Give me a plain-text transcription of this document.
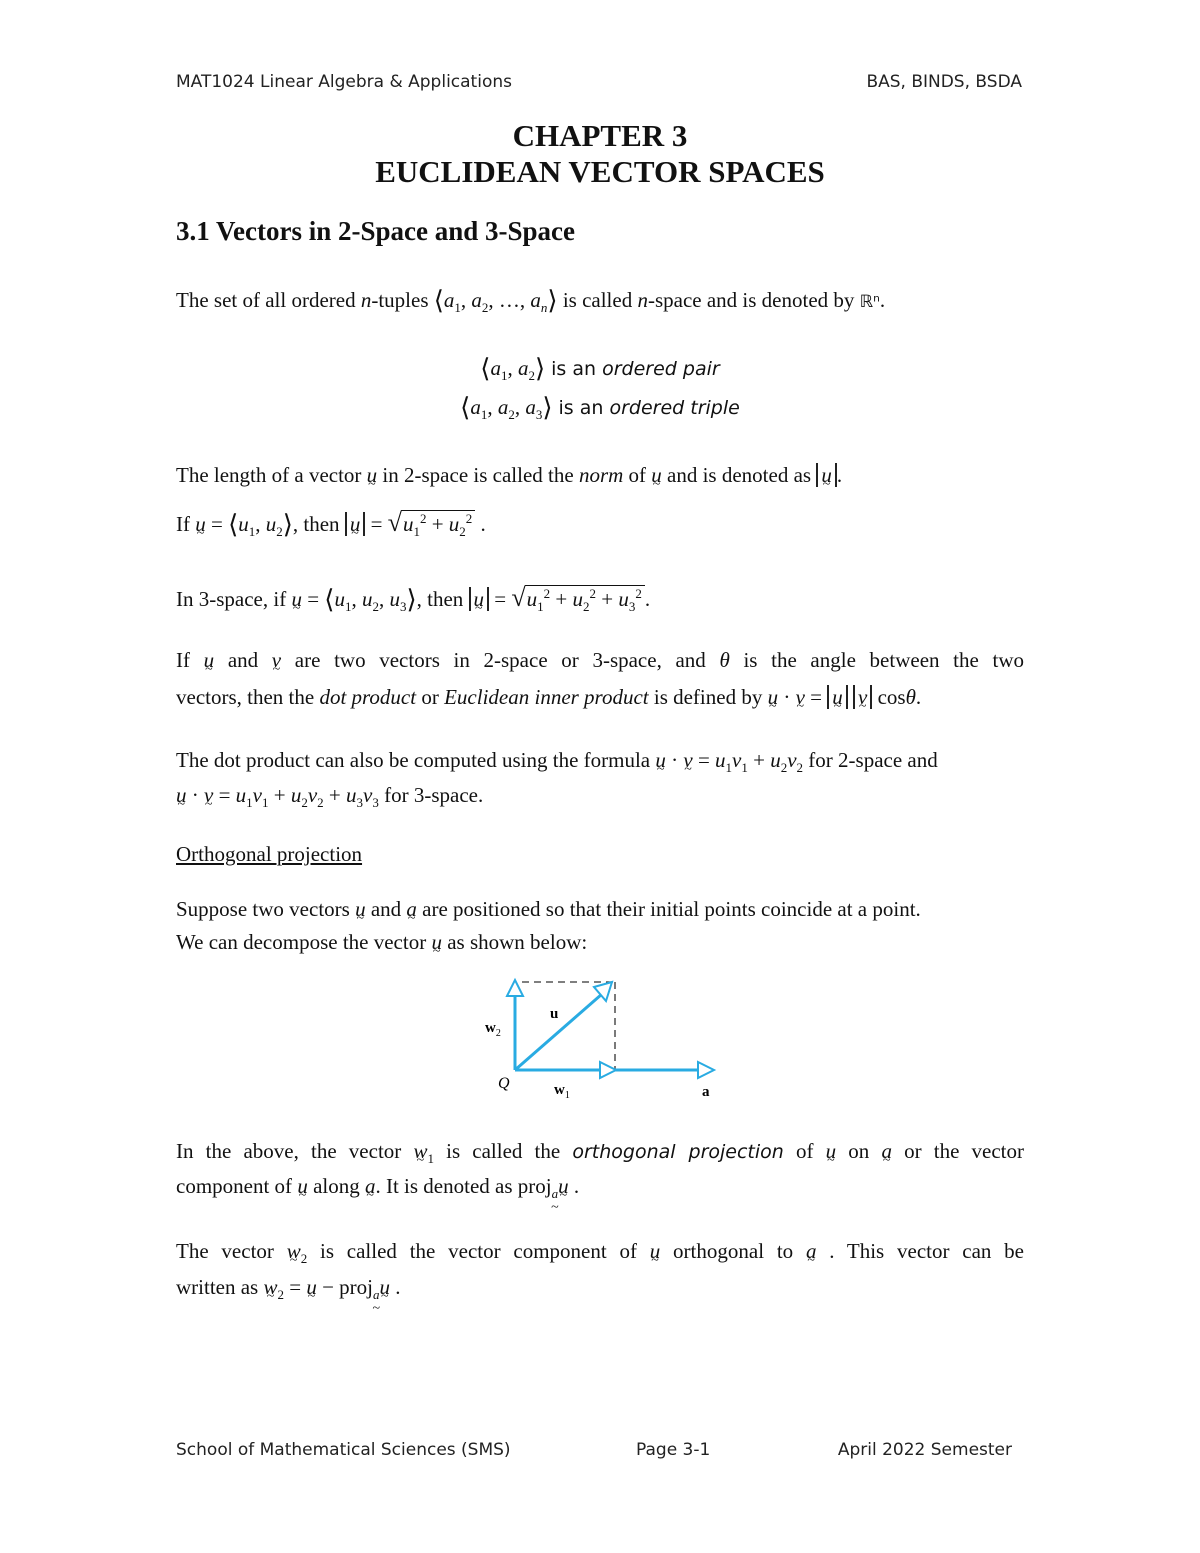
MAT1024 Linear Algebra & Applications	BAS, BINDS, BSDA
CHAPTER 3
EUCLIDEAN VECTOR SPACES
3.1 Vectors in 2-Space and 3-Space
The set of all ordered n-tuples $⟨a_1$, $a_2$, …, $a_n⟩$ is called n-space and is denoted by ℝⁿ.
$⟨a_1$, $a_2⟩$ is an ordered pair
$⟨a_1$, $a_2$, $a_3⟩$ is an ordered triple
The length of a vector u ~ in 2-space is called the norm of u ~ and is denoted as u ~ .
If u ~ = $⟨u_1$, $u_2⟩$, then u ~ = $√u_1^2 + u_2^2$ .
In 3-space, if u ~ = $⟨u_1$, $u_2$, $u_3⟩$, then u ~ = $√u_1^2 + u_2^2 + u_3^2$ .
If u ~ and v ~ are two vectors in 2-space or 3-space, and θ is the angle between the two
vectors, then the dot product or Euclidean inner product is defined by u ~ · v ~ = u ~ v ~ cosθ.
The dot product can also be computed using the formula u ~ · v ~ = $u_1v_1 + u_2v_2$ for 2-space and
u ~ · v ~ = $u_1v_1 + u_2v_2 + u_3v_3$ for 3-space.
Orthogonal projection
Suppose two vectors u ~ and a ~ are positioned so that their initial points coincide at a point.
We can decompose the vector u ~ as shown below:
u
$w_2$
Q	$w_1$	a
In the above, the vector w $\sim_1$ is called the orthogonal projection of u ~ on a ~ or the vector
component of u ~ along a ~. It is denoted as proj$_a$ ~u ~ .
The vector w $\sim_2$ is called the vector component of u ~ orthogonal to a ~ . This vector can be
written as w $\sim_2 = u$ ~ − proj$_a$ ~u ~ .
School of Mathematical Sciences (SMS)	Page 3-1	April 2022 Semester
